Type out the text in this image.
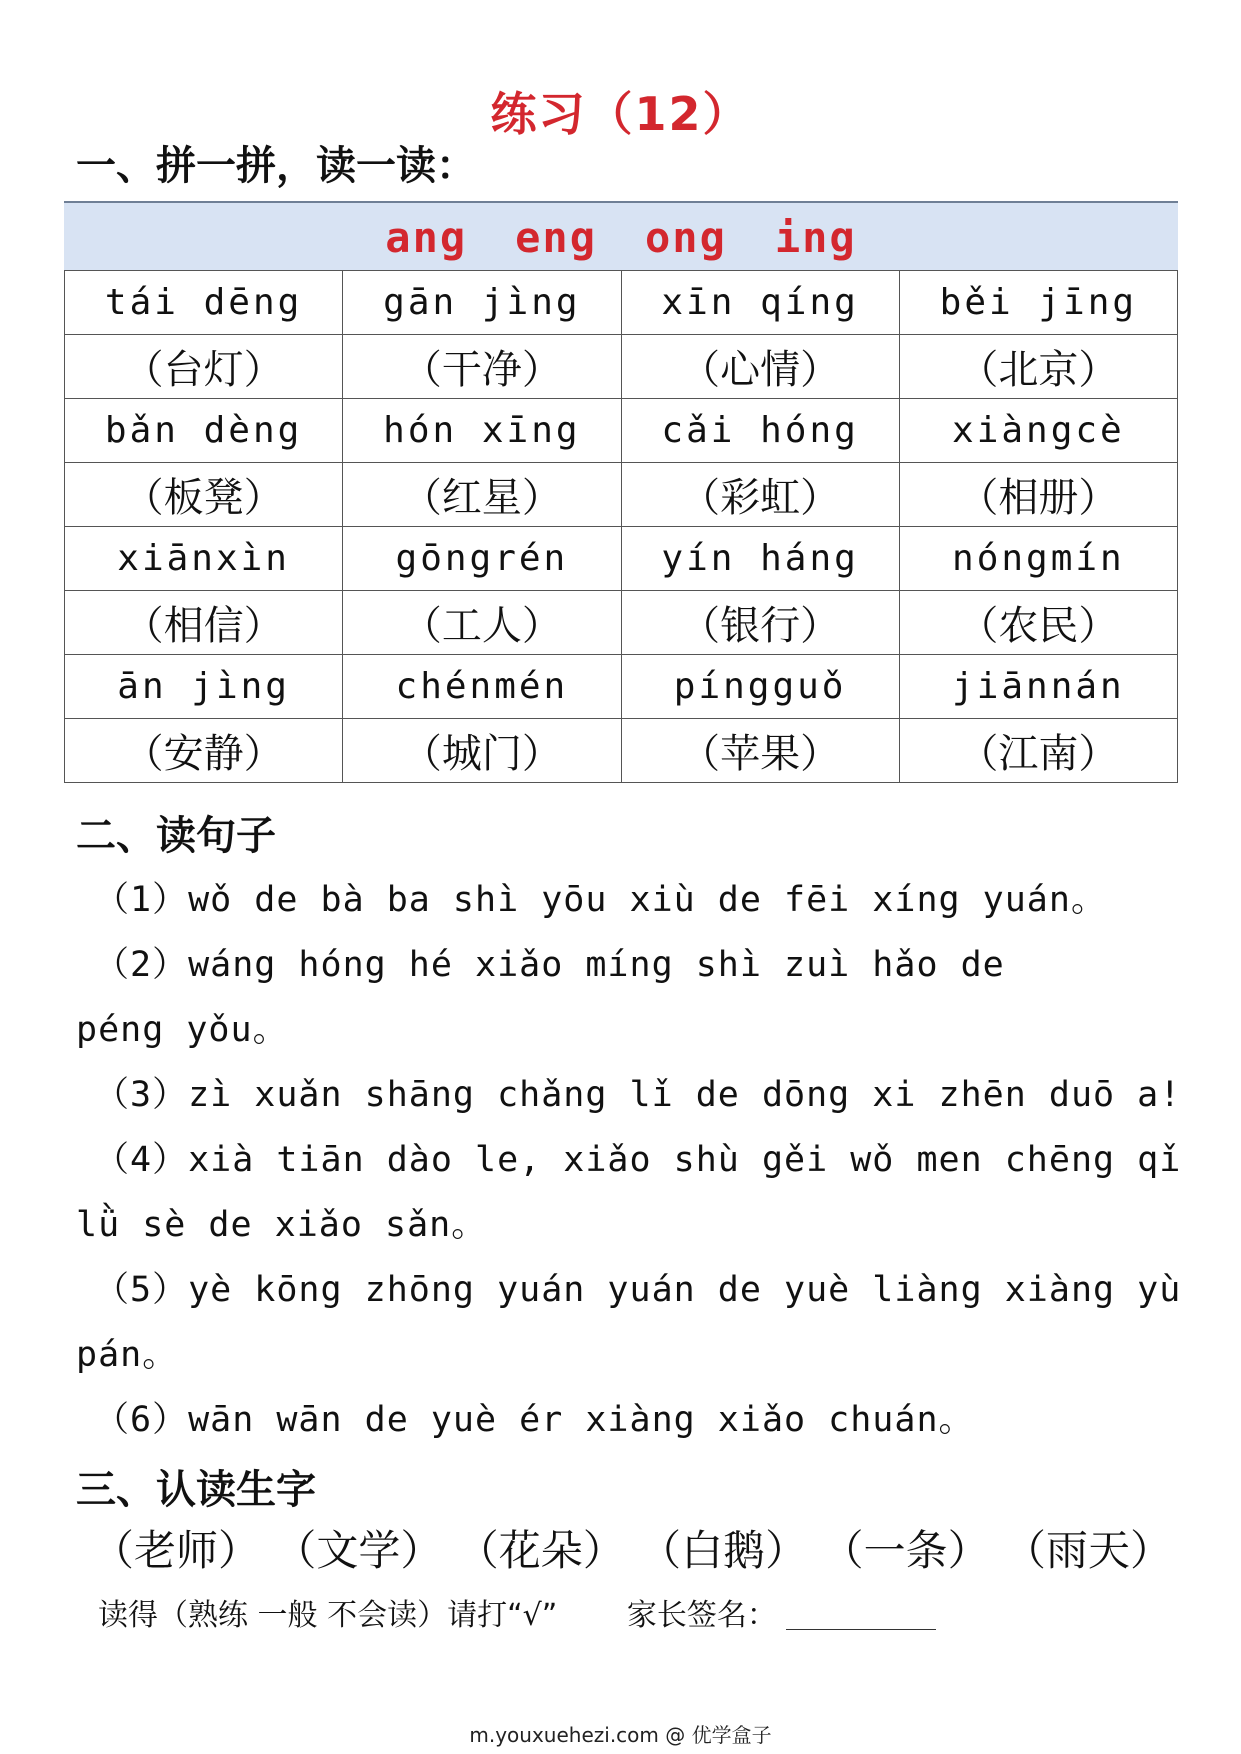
练习（12）
一、拼一拼，读一读：
ang eng ong ing
tái dēng	gān jìng	xīn qíng	běi jīng
（台灯）	（干净）	（心情）	（北京）
bǎn dèng	hón xīng	cǎi hóng	xiàngcè
（板凳）	（红星）	（彩虹）	（相册）
xiānxìn	gōngrén	yín háng	nóngmín
（相信）	（工人）	（银行）	（农民）
ān jìng	chénmén	píngguǒ	jiānnán
（安静）	（城门）	（苹果）	（江南）
二、读句子
（1）wǒ de bà ba shì yōu xiù de fēi xíng yuán。
（2）wáng hóng hé xiǎo míng shì zuì hǎo de
péng yǒu。
（3）zì xuǎn shāng chǎng lǐ de dōng xi zhēn duō a!
（4）xià tiān dào le, xiǎo shù gěi wǒ men chēng qǐ
lǜ sè de xiǎo sǎn。
（5）yè kōng zhōng yuán yuán de yuè liàng xiàng yù
pán。
（6）wān wān de yuè ér xiàng xiǎo chuán。
三、认读生字
（老师） （文学） （花朵） （白鹅） （一条） （雨天）
读得（熟练 一般 不会读）请打“√” 家长签名：
m.youxuehezi.com @ 优学盒子
